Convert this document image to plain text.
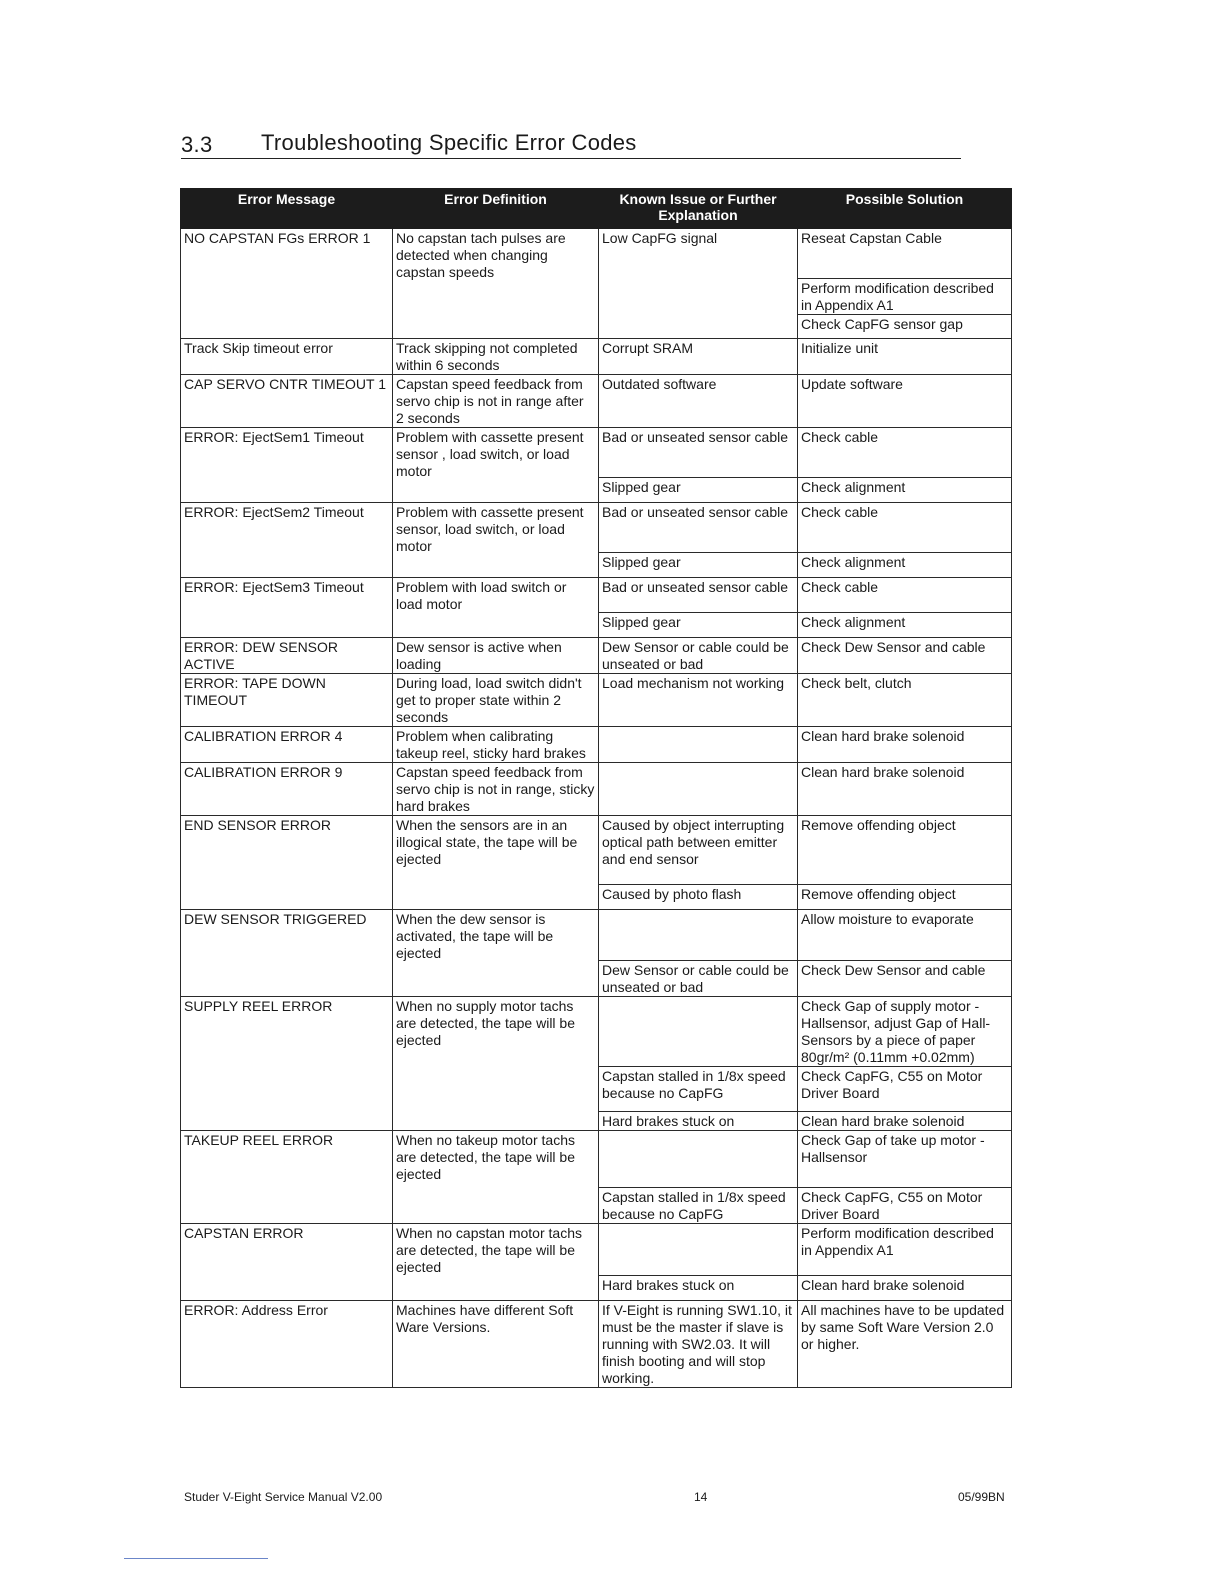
3.3 Troubleshooting Specific Error Codes
Error Message	Error Definition	Known Issue or Further Explanation	Possible Solution
NO CAPSTAN FGs ERROR 1	No capstan tach pulses are detected when changing capstan speeds	Low CapFG signal	Reseat Capstan Cable
			Perform modification described in Appendix A1
			Check CapFG sensor gap
Track Skip timeout error	Track skipping not completed within 6 seconds	Corrupt SRAM	Initialize unit
CAP SERVO CNTR TIMEOUT 1	Capstan speed feedback from servo chip is not in range after 2 seconds	Outdated software	Update software
ERROR: EjectSem1 Timeout	Problem with cassette present sensor , load switch, or load motor	Bad or unseated sensor cable	Check cable
		Slipped gear	Check alignment
ERROR: EjectSem2 Timeout	Problem with cassette present sensor, load switch, or load motor	Bad or unseated sensor cable	Check cable
		Slipped gear	Check alignment
ERROR: EjectSem3 Timeout	Problem with load switch or load motor	Bad or unseated sensor cable	Check cable
		Slipped gear	Check alignment
ERROR: DEW SENSOR ACTIVE	Dew sensor is active when loading	Dew Sensor or cable could be unseated or bad	Check Dew Sensor and cable
ERROR: TAPE DOWN TIMEOUT	During load, load switch didn't get to proper state within 2 seconds	Load mechanism not working	Check belt, clutch
CALIBRATION ERROR 4	Problem when calibrating takeup reel, sticky hard brakes		Clean hard brake solenoid
CALIBRATION ERROR 9	Capstan speed feedback from servo chip is not in range, sticky hard brakes		Clean hard brake solenoid
END SENSOR ERROR	When the sensors are in an illogical state, the tape will be ejected	Caused by object interrupting optical path between emitter and end sensor	Remove offending object
		Caused by photo flash	Remove offending object
DEW SENSOR TRIGGERED	When the dew sensor is activated, the tape will be ejected		Allow moisture to evaporate
		Dew Sensor or cable could be unseated or bad	Check Dew Sensor and cable
SUPPLY REEL ERROR	When no supply motor tachs are detected, the tape will be ejected		Check Gap of supply motor - Hallsensor, adjust Gap of Hall-Sensors by a piece of paper 80gr/m² (0.11mm +0.02mm)
		Capstan stalled in 1/8x speed because no CapFG	Check CapFG, C55 on Motor Driver Board
		Hard brakes stuck on	Clean hard brake solenoid
TAKEUP REEL ERROR	When no takeup motor tachs are detected, the tape will be ejected		Check Gap of take up motor - Hallsensor
		Capstan stalled in 1/8x speed because no CapFG	Check CapFG, C55 on Motor Driver Board
CAPSTAN ERROR	When no capstan motor tachs are detected, the tape will be ejected		Perform modification described in Appendix A1
		Hard brakes stuck on	Clean hard brake solenoid
ERROR: Address Error	Machines have different Soft Ware Versions.	If V-Eight is running SW1.10, it must be the master if slave is running with SW2.03. It will finish booting and will stop working.	All machines have to be updated by same Soft Ware Version 2.0 or higher.
Studer V-Eight Service Manual V2.00	14	05/99BN
